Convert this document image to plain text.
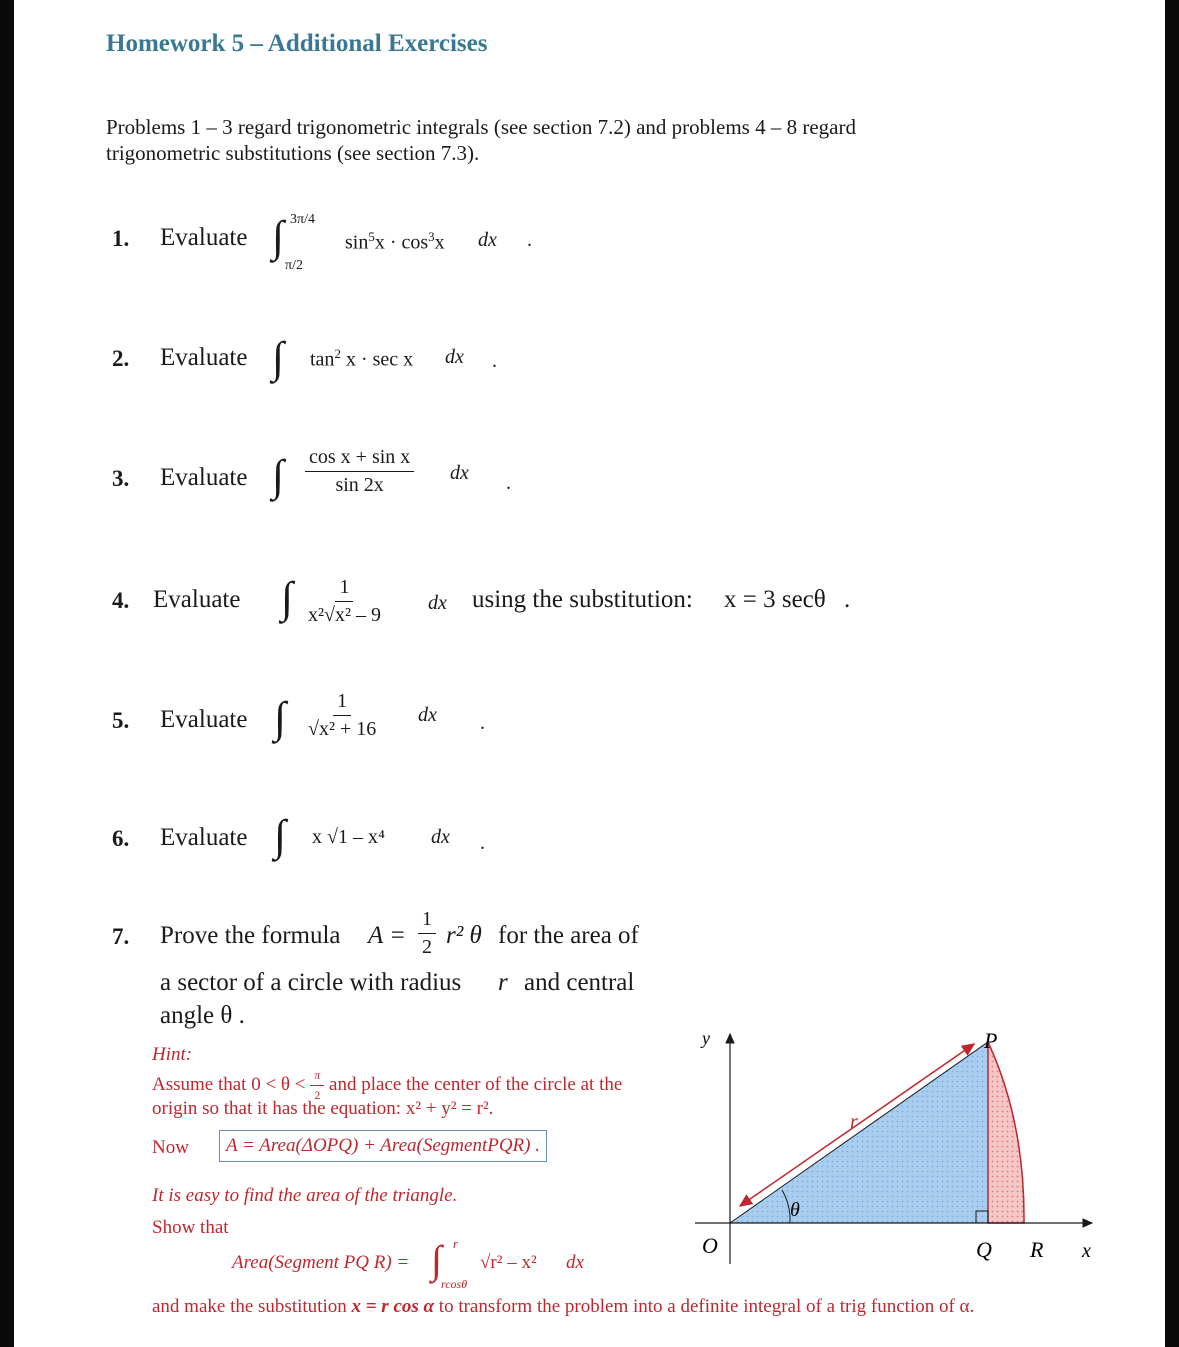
Homework 5 – Additional Exercises
Problems 1 – 3 regard trigonometric integrals (see section 7.2) and problems 4 – 8 regard trigonometric substitutions (see section 7.3).
1. Evaluate ∫ 3π/4
π/2
$\sin^5x \cdot \cos^3x$ dx .
2. Evaluate ∫ $\tan^2 x \cdot \sec x$ dx .
3. Evaluate ∫ $\frac{\text{cos x + sin x}}{\sin 2x}$ dx .
4. Evaluate ∫ $\frac{1}{\text{x²√x² – 9}}$ dx using the substitution: x = 3 secθ .
5. Evaluate ∫ $\frac{1}{\text{√x² + 16}}$ dx .
6. Evaluate ∫ x √1 – x⁴ dx .
7. Prove the formula $A = \frac{1}{2} r^2$ θ for the area of
a sector of a circle with radius r and central
angle θ .
Hint:
Assume that $0 < \theta < \frac{\pi}{2}$ and place the center of the circle at the
origin so that it has the equation: x² + y² = r².
Now	A = Area(ΔOPQ) + Area(SegmentPQR) .
It is easy to find the area of the triangle.
Show that
Area(Segment PQ R) = ∫ r
rcosθ
√r² – x² dx
and make the substitution x = r cos α to transform the problem into a definite integral of a trig function of α.
y	P
r
θ
O	Q R x
